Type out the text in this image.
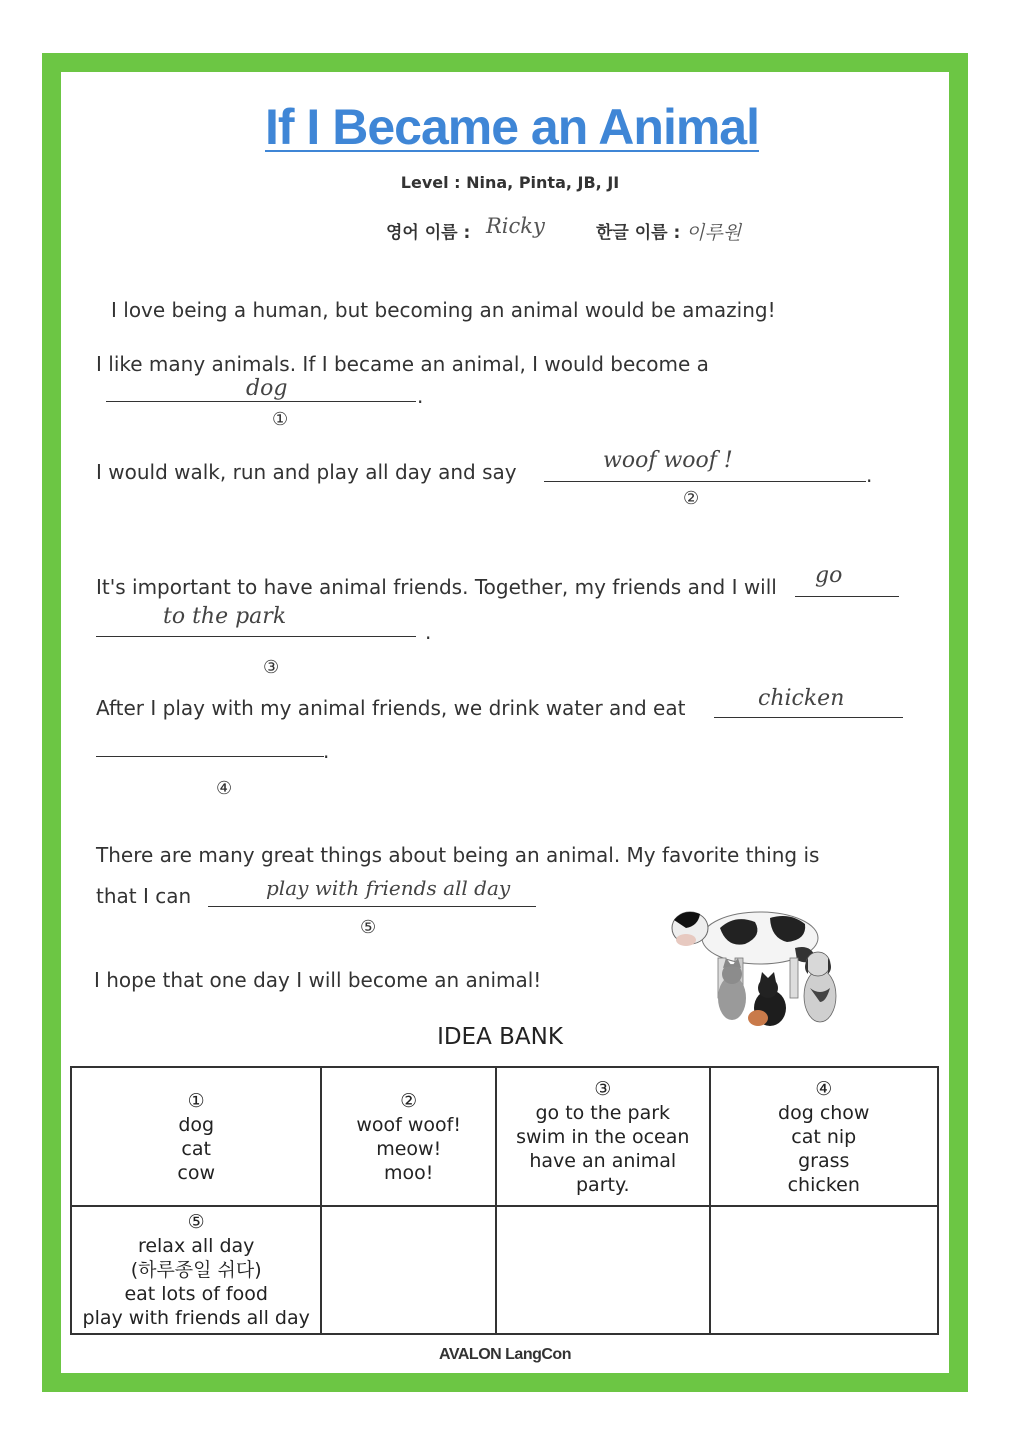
If I Became an Animal
Level : Nina, Pinta, JB, JI
영어 이름 : Ricky	한글 이름 : 이루원
I love being a human, but becoming an animal would be amazing!
I like many animals. If I became an animal, I would become a
dog	.
①
I would walk, run and play all day and say	woof woof !
.
②
It's important to have animal friends. Together, my friends and I will go
to the park
.
③
After I play with my animal friends, we drink water and eat	chicken
.
④
There are many great things about being an animal. My favorite thing is
that I can	play with friends all day
⑤
I hope that one day I will become an animal!
IDEA BANK
①
dog
cat
cow	②
woof woof!
meow!
moo!	③
go to the park
swim in the ocean
have an animal
party.	④
dog chow
cat nip
grass
chicken

⑤
relax all day
(하루종일 쉬다)
eat lots of food
play with friends all day			

AVALON LangCon
